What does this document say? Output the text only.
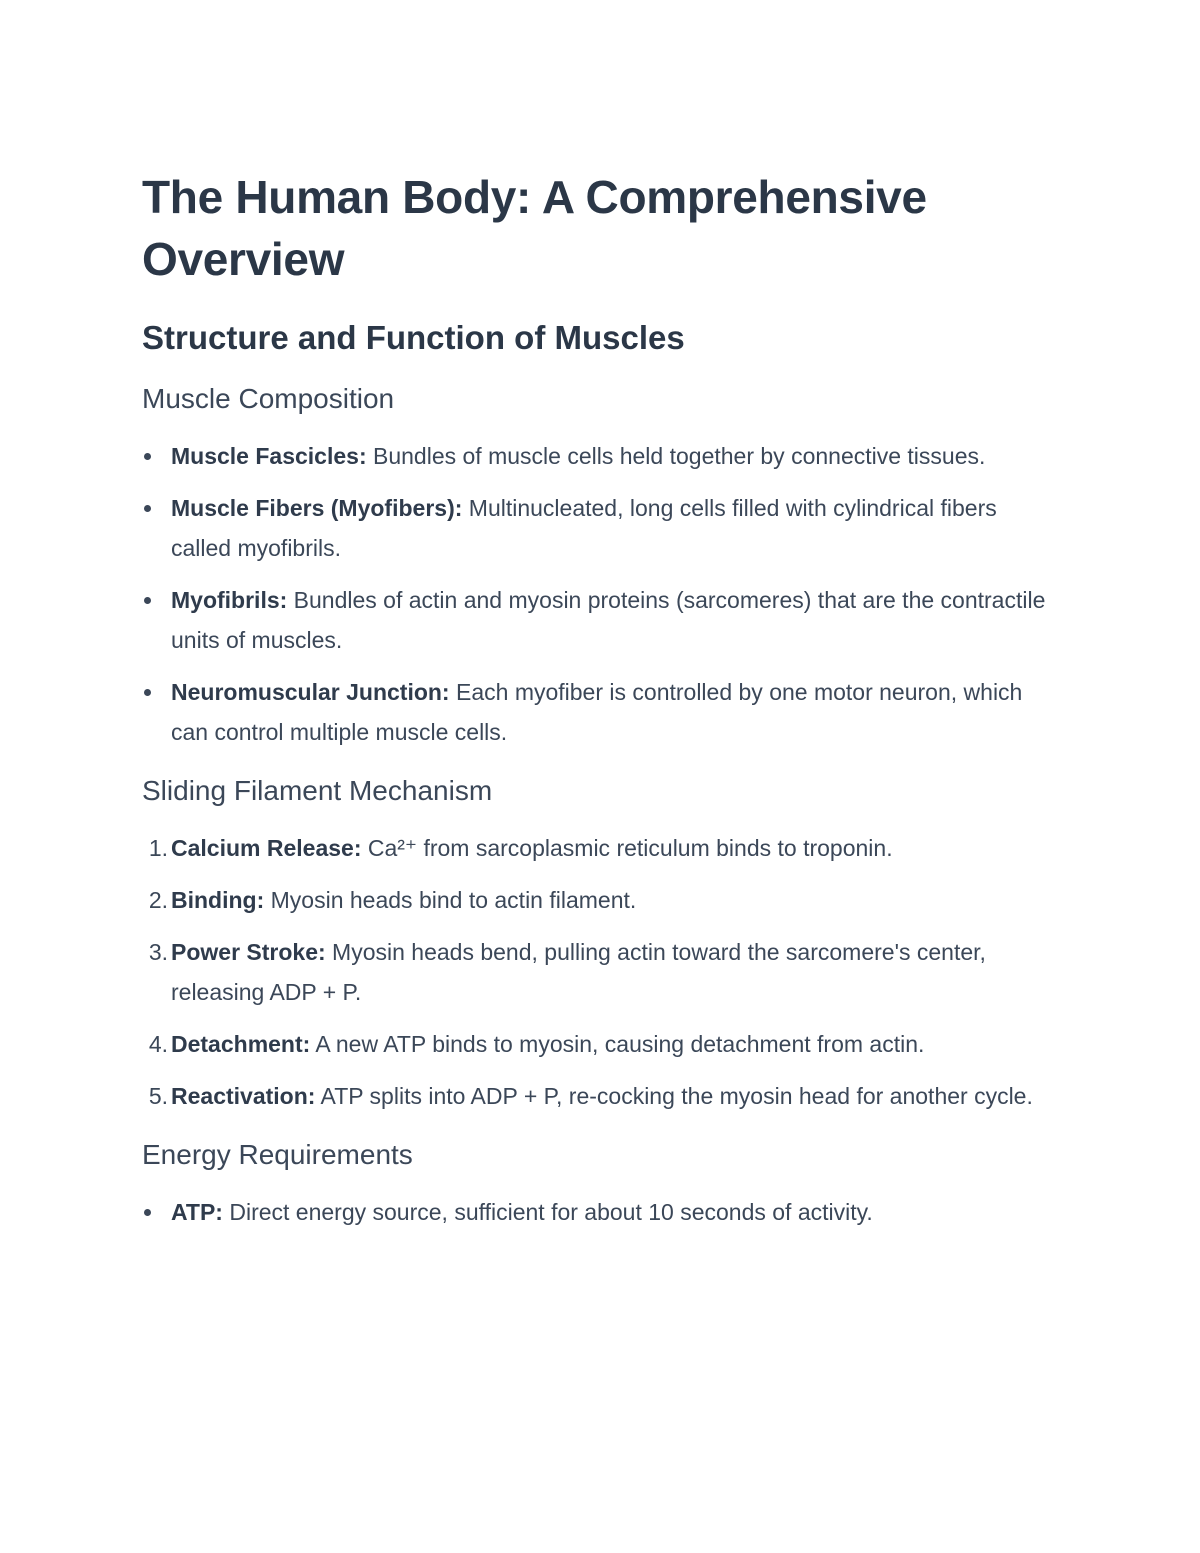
The Human Body: A Comprehensive Overview
Structure and Function of Muscles
Muscle Composition
Muscle Fascicles: Bundles of muscle cells held together by connective tissues.
Muscle Fibers (Myofibers): Multinucleated, long cells filled with cylindrical fibers called myofibrils.
Myofibrils: Bundles of actin and myosin proteins (sarcomeres) that are the contractile units of muscles.
Neuromuscular Junction: Each myofiber is controlled by one motor neuron, which can control multiple muscle cells.
Sliding Filament Mechanism
1. Calcium Release: Ca²⁺ from sarcoplasmic reticulum binds to troponin.
2. Binding: Myosin heads bind to actin filament.
3. Power Stroke: Myosin heads bend, pulling actin toward the sarcomere's center, releasing ADP + P.
4. Detachment: A new ATP binds to myosin, causing detachment from actin.
5. Reactivation: ATP splits into ADP + P, re-cocking the myosin head for another cycle.
Energy Requirements
ATP: Direct energy source, sufficient for about 10 seconds of activity.
